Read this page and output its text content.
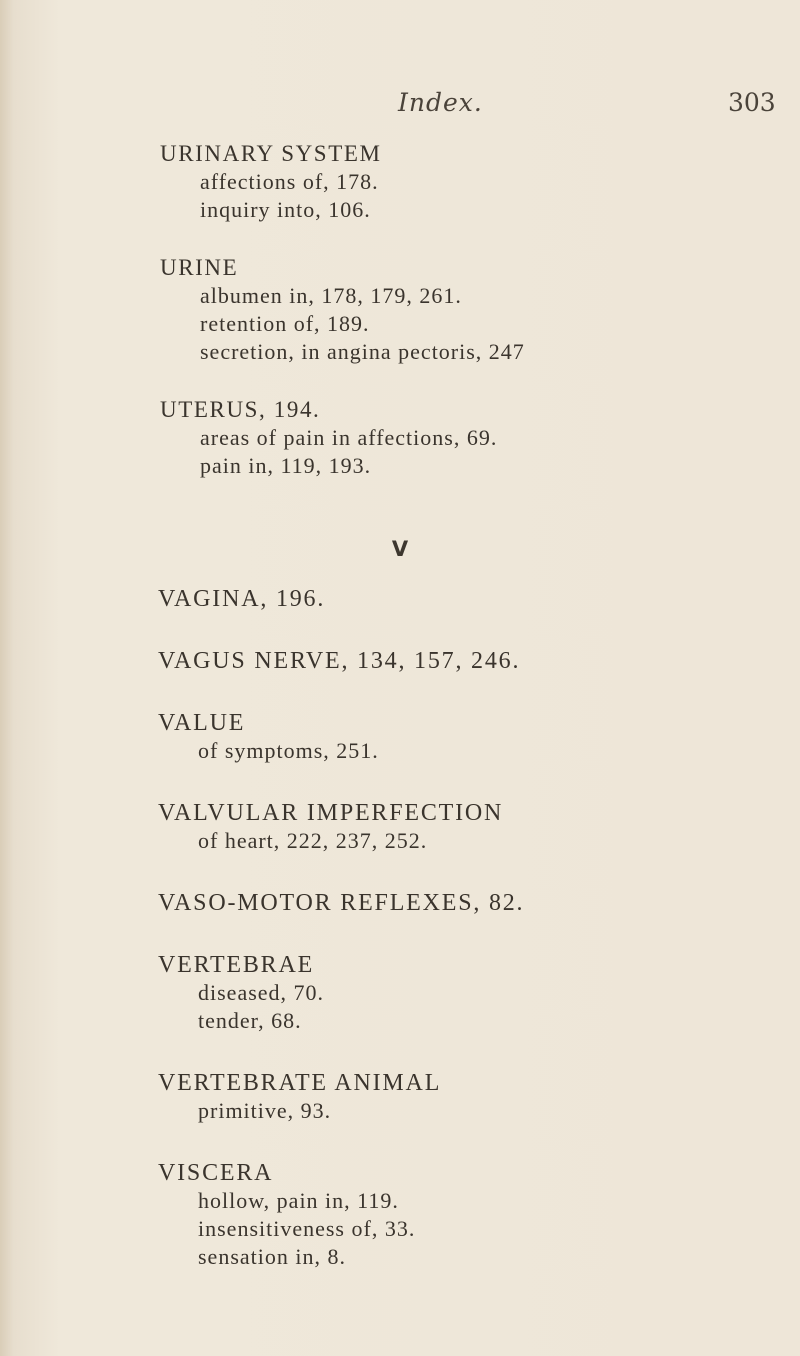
Index.	303
URINARY SYSTEM
affections of, 178.
inquiry into, 106.
URINE
albumen in, 178, 179, 261.
retention of, 189.
secretion, in angina pectoris, 247
UTERUS, 194.
areas of pain in affections, 69.
pain in, 119, 193.
V
VAGINA, 196.
VAGUS NERVE, 134, 157, 246.
VALUE
of symptoms, 251.
VALVULAR IMPERFECTION
of heart, 222, 237, 252.
VASO-MOTOR REFLEXES, 82.
VERTEBRAE
diseased, 70.
tender, 68.
VERTEBRATE ANIMAL
primitive, 93.
VISCERA
hollow, pain in, 119.
insensitiveness of, 33.
sensation in, 8.
